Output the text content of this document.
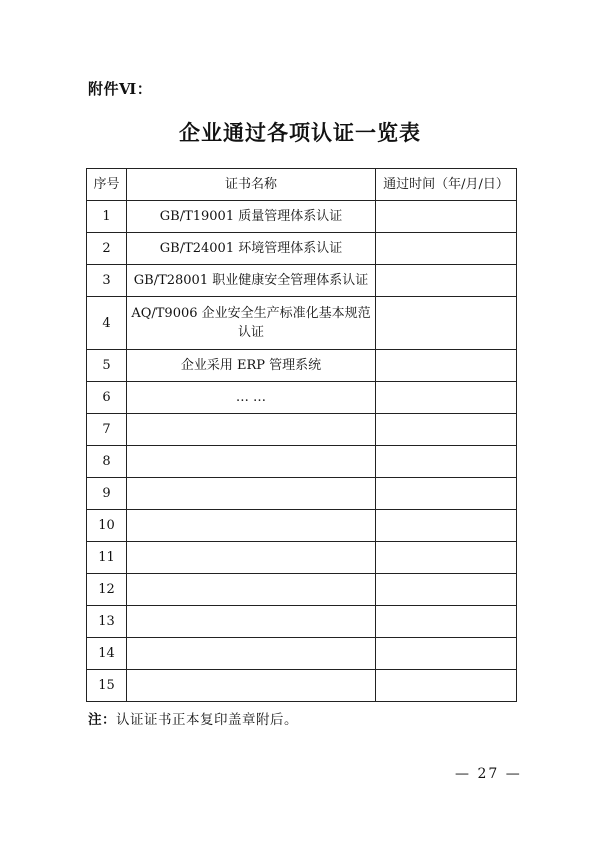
附件Ⅵ：
企业通过各项认证一览表
序号	证书名称	通过时间（年/月/日）
1	GB/T19001 质量管理体系认证	
2	GB/T24001 环境管理体系认证	
3	GB/T28001 职业健康安全管理体系认证	
4	AQ/T9006 企业安全生产标准化基本规范认证	
5	企业采用 ERP 管理系统	
6	… …	
7		
8		
9		
10		
11		
12		
13		
14		
15		
注：认证证书正本复印盖章附后。
— 27 —
